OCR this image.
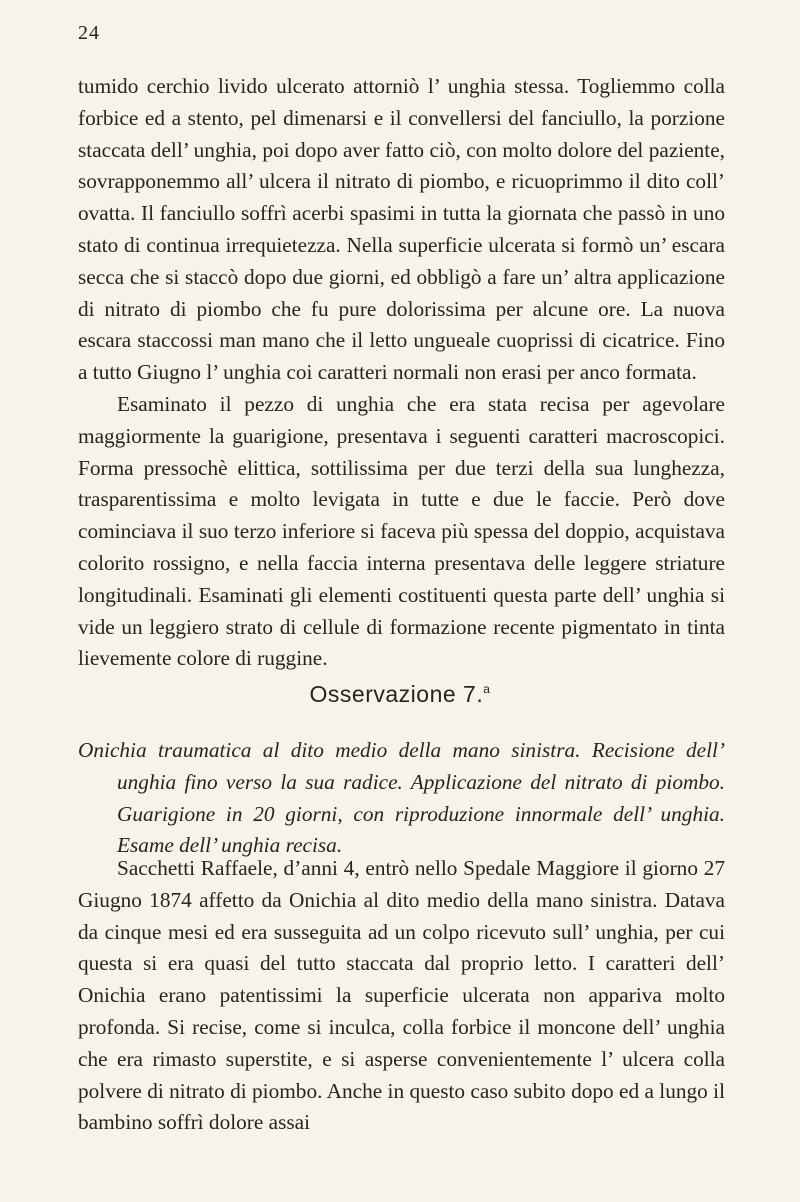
24

tumido cerchio livido ulcerato attorniò l’ unghia stessa. Togliemmo colla forbice ed a stento, pel dimenarsi e il convellersi del fanciullo, la porzione staccata dell’ unghia, poi dopo aver fatto ciò, con molto dolore del paziente, sovrapponemmo all’ ulcera il nitrato di piombo, e ricuoprimmo il dito coll’ ovatta. Il fanciullo soffrì acerbi spasimi in tutta la giornata che passò in uno stato di continua irrequietezza. Nella superficie ulcerata si formò un’ escara secca che si staccò dopo due giorni, ed obbligò a fare un’ altra applicazione di nitrato di piombo che fu pure dolorissima per alcune ore. La nuova escara staccossi man mano che il letto ungueale cuoprissi di cicatrice. Fino a tutto Giugno l’ unghia coi caratteri normali non erasi per anco formata.

Esaminato il pezzo di unghia che era stata recisa per agevolare maggiormente la guarigione, presentava i seguenti caratteri macroscopici. Forma pressochè elittica, sottilissima per due terzi della sua lunghezza, trasparentissima e molto levigata in tutte e due le faccie. Però dove cominciava il suo terzo inferiore si faceva più spessa del doppio, acquistava colorito rossigno, e nella faccia interna presentava delle leggere striature longitudinali. Esaminati gli elementi costituenti questa parte dell’ unghia si vide un leggiero strato di cellule di formazione recente pigmentato in tinta lievemente colore di ruggine.

Osservazione 7.$^a$

Onichia traumatica al dito medio della mano sinistra. Recisione dell’ unghia fino verso la sua radice. Applicazione del nitrato di piombo. Guarigione in 20 giorni, con riproduzione innormale dell’ unghia. Esame dell’ unghia recisa.

Sacchetti Raffaele, d’anni 4, entrò nello Spedale Maggiore il giorno 27 Giugno 1874 affetto da Onichia al dito medio della mano sinistra. Datava da cinque mesi ed era susseguita ad un colpo ricevuto sull’ unghia, per cui questa si era quasi del tutto staccata dal proprio letto. I caratteri dell’ Onichia erano patentissimi la superficie ulcerata non appariva molto profonda. Si recise, come si inculca, colla forbice il moncone dell’ unghia che era rimasto superstite, e si asperse convenientemente l’ ulcera colla polvere di nitrato di piombo. Anche in questo caso subito dopo ed a lungo il bambino soffrì dolore assai
